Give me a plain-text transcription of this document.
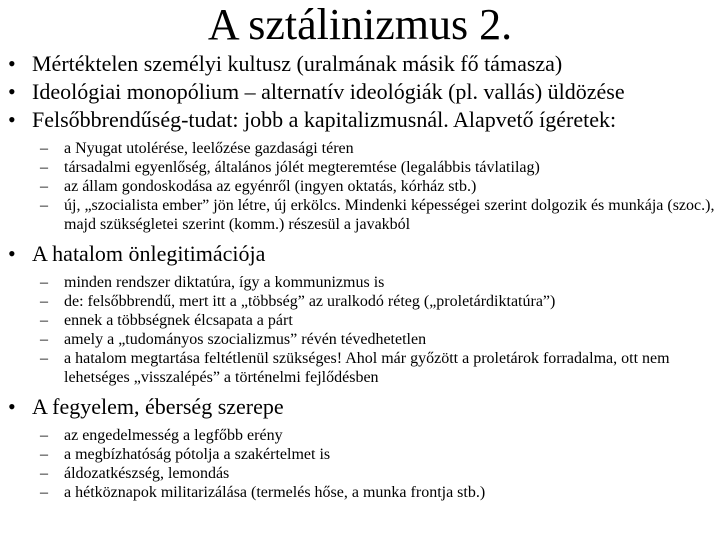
A sztálinizmus 2.
• Mértéktelen személyi kultusz (uralmának másik fő támasza)
• Ideológiai monopólium – alternatív ideológiák (pl. vallás) üldözése
• Felsőbbrendűség-tudat: jobb a kapitalizmusnál. Alapvető ígéretek:
– a Nyugat utolérése, leelőzése gazdasági téren
– társadalmi egyenlőség, általános jólét megteremtése (legalábbis távlatilag)
– az állam gondoskodása az egyénről (ingyen oktatás, kórház stb.)
– új, „szocialista ember” jön létre, új erkölcs. Mindenki képességei szerint dolgozik és munkája (szoc.), majd szükségletei szerint (komm.) részesül a javakból
• A hatalom önlegitimációja
– minden rendszer diktatúra, így a kommunizmus is
– de: felsőbbrendű, mert itt a „többség” az uralkodó réteg („proletárdiktatúra”)
– ennek a többségnek élcsapata a párt
– amely a „tudományos szocializmus” révén tévedhetetlen
– a hatalom megtartása feltétlenül szükséges! Ahol már győzött a proletárok forradalma, ott nem lehetséges „visszalépés” a történelmi fejlődésben
• A fegyelem, éberség szerepe
– az engedelmesség a legfőbb erény
– a megbízhatóság pótolja a szakértelmet is
– áldozatkészség, lemondás
– a hétköznapok militarizálása (termelés hőse, a munka frontja stb.)
